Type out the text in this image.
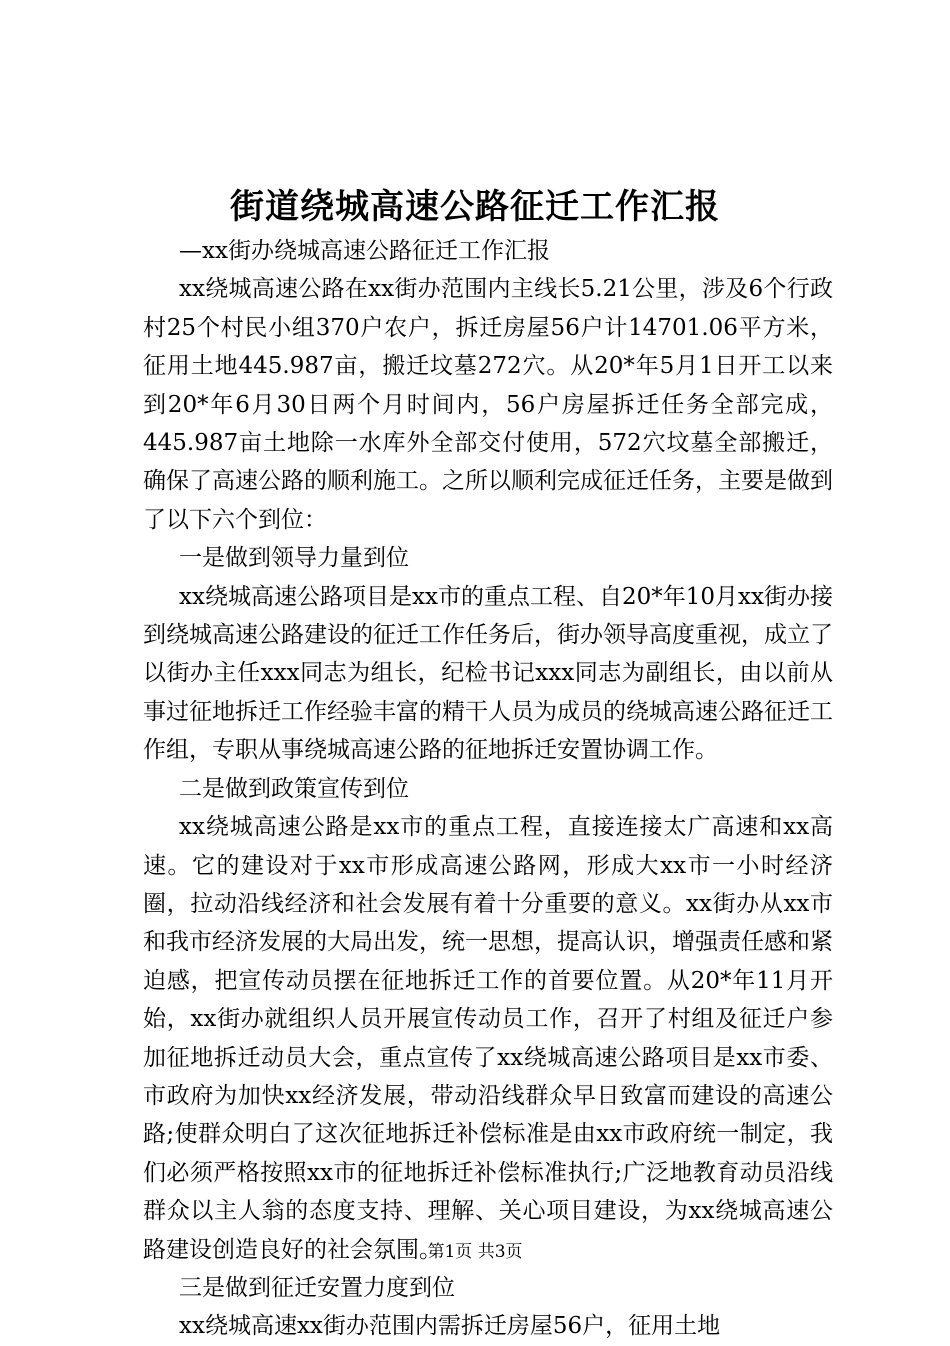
街道绕城高速公路征迁工作汇报

—xx街办绕城高速公路征迁工作汇报

xx绕城高速公路在xx街办范围内主线长5.21公里，涉及6个行政村25个村民小组370户农户，拆迁房屋56户计14701.06平方米，征用土地445.987亩，搬迁坟墓272穴。从20*年5月1日开工以来到20*年6月30日两个月时间内，56户房屋拆迁任务全部完成，445.987亩土地除一水库外全部交付使用，572穴坟墓全部搬迁，确保了高速公路的顺利施工。之所以顺利完成征迁任务，主要是做到了以下六个到位：

一是做到领导力量到位

xx绕城高速公路项目是xx市的重点工程、自20*年10月xx街办接到绕城高速公路建设的征迁工作任务后，街办领导高度重视，成立了以街办主任xxx同志为组长，纪检书记xxx同志为副组长，由以前从事过征地拆迁工作经验丰富的精干人员为成员的绕城高速公路征迁工作组，专职从事绕城高速公路的征地拆迁安置协调工作。

二是做到政策宣传到位

xx绕城高速公路是xx市的重点工程，直接连接太广高速和xx高速。它的建设对于xx市形成高速公路网，形成大xx市一小时经济圈，拉动沿线经济和社会发展有着十分重要的意义。xx街办从xx市和我市经济发展的大局出发，统一思想，提高认识，增强责任感和紧迫感，把宣传动员摆在征地拆迁工作的首要位置。从20*年11月开始，xx街办就组织人员开展宣传动员工作，召开了村组及征迁户参加征地拆迁动员大会，重点宣传了xx绕城高速公路项目是xx市委、市政府为加快xx经济发展，带动沿线群众早日致富而建设的高速公路;使群众明白了这次征地拆迁补偿标准是由xx市政府统一制定，我们必须严格按照xx市的征地拆迁补偿标准执行;广泛地教育动员沿线群众以主人翁的态度支持、理解、关心项目建设，为xx绕城高速公路建设创造良好的社会氛围。

三是做到征迁安置力度到位

xx绕城高速xx街办范围内需拆迁房屋56户，征用土地

第1页 共3页
